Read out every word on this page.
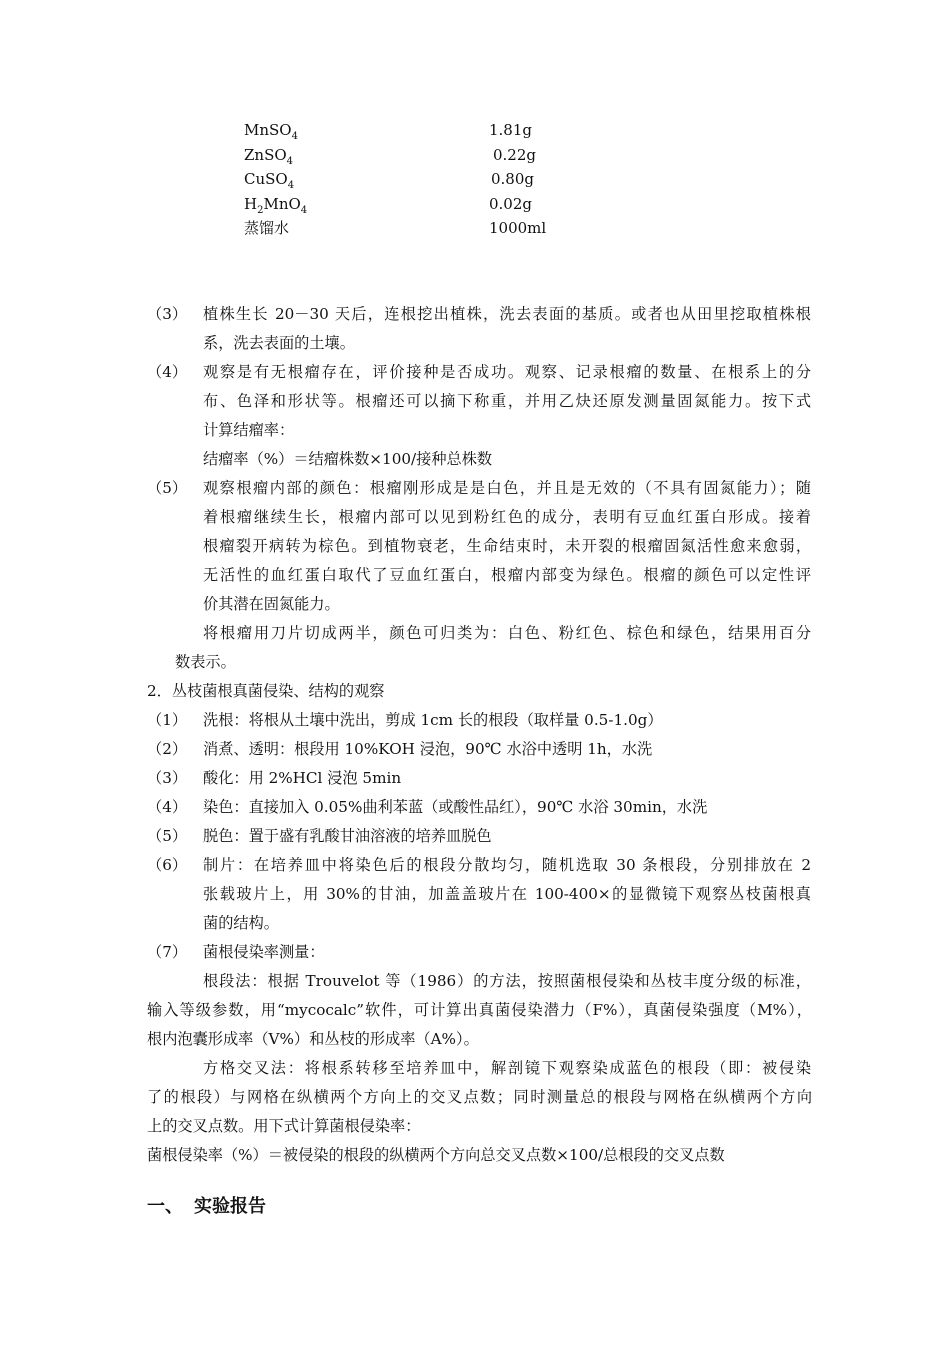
MnSO$_4$	1.81g
ZnSO$_4$	0.22g
CuSO$_4$	0.80g
$H_2MnO_4$	0.02g
蒸馏水	1000ml
（3） 植株生长 20－30 天后，连根挖出植株，洗去表面的基质。或者也从田里挖取植株根
系，洗去表面的土壤。
（4） 观察是有无根瘤存在，评价接种是否成功。观察、记录根瘤的数量、在根系上的分
布、色泽和形状等。根瘤还可以摘下称重，并用乙炔还原发测量固氮能力。按下式
计算结瘤率：
结瘤率（%）＝结瘤株数×100/接种总株数
（5） 观察根瘤内部的颜色：根瘤刚形成是是白色，并且是无效的（不具有固氮能力）；随
着根瘤继续生长，根瘤内部可以见到粉红色的成分，表明有豆血红蛋白形成。接着
根瘤裂开病转为棕色。到植物衰老，生命结束时，未开裂的根瘤固氮活性愈来愈弱，
无活性的血红蛋白取代了豆血红蛋白，根瘤内部变为绿色。根瘤的颜色可以定性评
价其潜在固氮能力。
将根瘤用刀片切成两半，颜色可归类为：白色、粉红色、棕色和绿色，结果用百分
数表示。
2．丛枝菌根真菌侵染、结构的观察
（1） 洗根：将根从土壤中洗出，剪成 1cm 长的根段（取样量 0.5-1.0g）
（2） 消煮、透明：根段用 10%KOH 浸泡，90℃ 水浴中透明 1h，水洗
（3） 酸化：用 2%HCl 浸泡 5min
（4） 染色：直接加入 0.05%曲利苯蓝（或酸性品红），90℃ 水浴 30min，水洗
（5） 脱色：置于盛有乳酸甘油溶液的培养皿脱色
（6） 制片：在培养皿中将染色后的根段分散均匀，随机选取 30 条根段，分别排放在 2
张载玻片上，用 30%的甘油，加盖盖玻片在 100-400×的显微镜下观察丛枝菌根真
菌的结构。
（7） 菌根侵染率测量：
根段法：根据 Trouvelot 等（1986）的方法，按照菌根侵染和丛枝丰度分级的标准，
输入等级参数，用“mycocalc”软件，可计算出真菌侵染潜力（F%），真菌侵染强度（M%），
根内泡囊形成率（V%）和丛枝的形成率（A%）。
方格交叉法：将根系转移至培养皿中，解剖镜下观察染成蓝色的根段（即：被侵染
了的根段）与网格在纵横两个方向上的交叉点数；同时测量总的根段与网格在纵横两个方向
上的交叉点数。用下式计算菌根侵染率：
菌根侵染率（%）＝被侵染的根段的纵横两个方向总交叉点数×100/总根段的交叉点数
一、 实验报告
